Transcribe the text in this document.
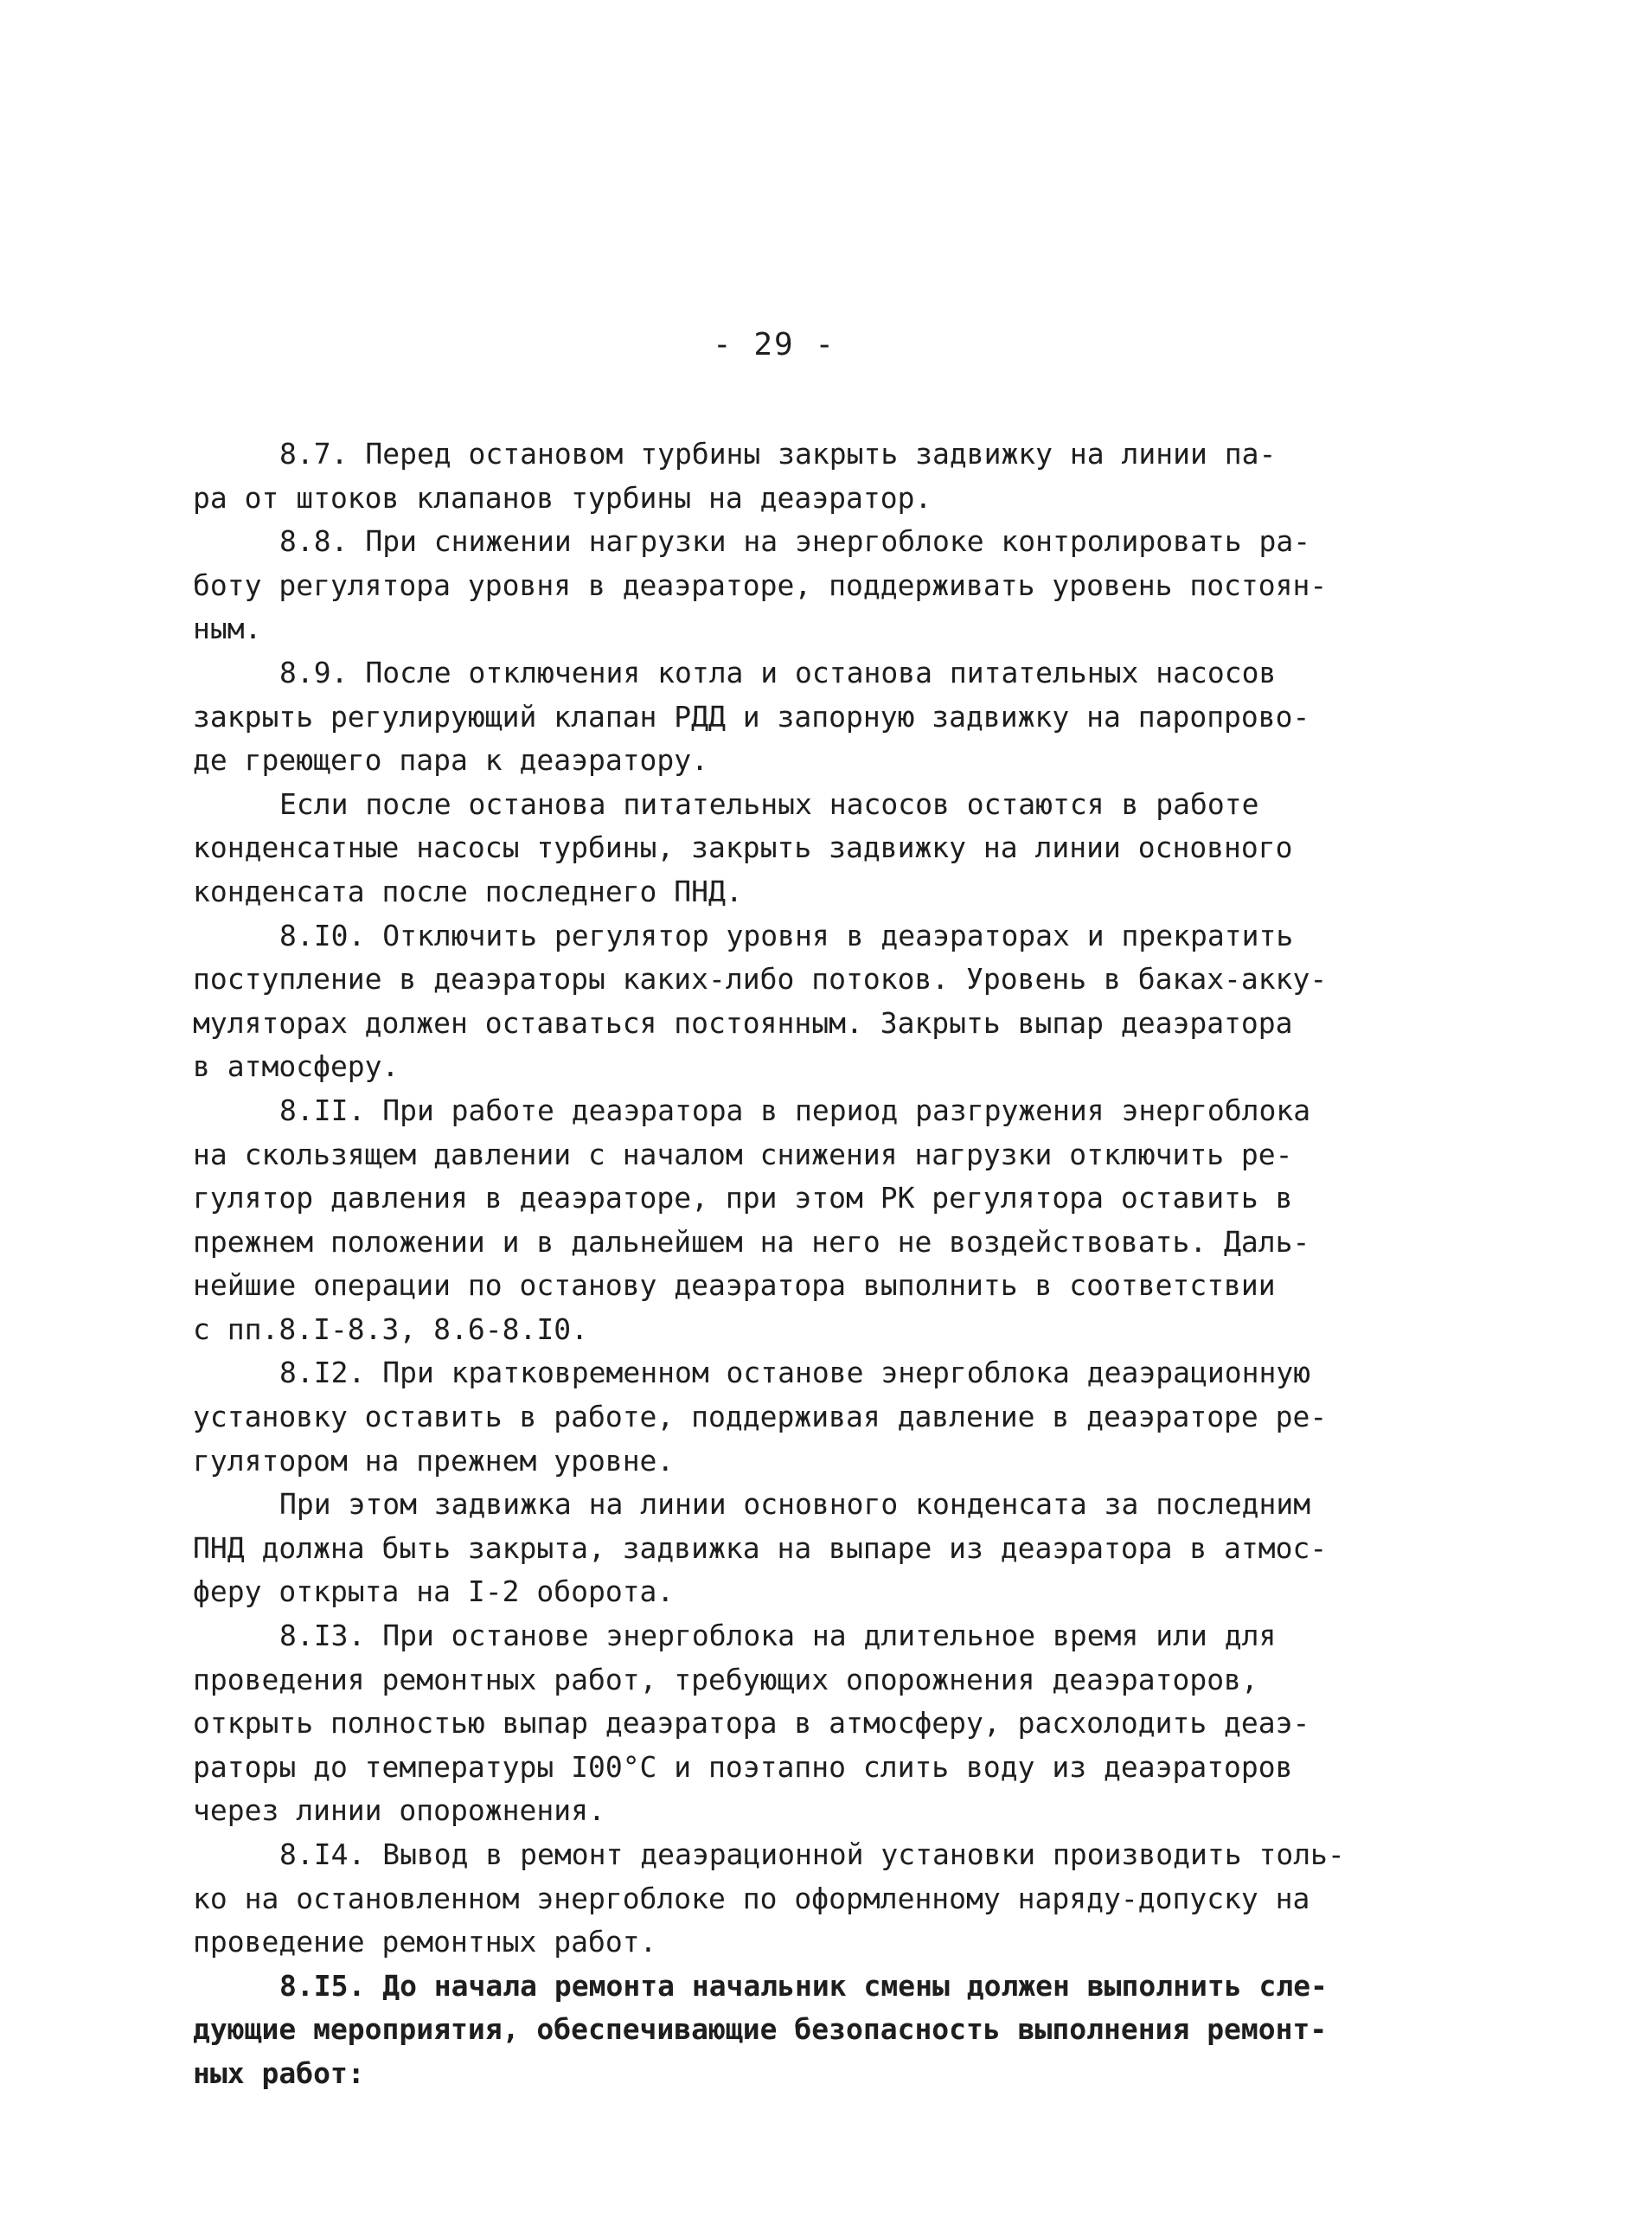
- 29 -

8.7. Перед остановом турбины закрыть задвижку на линии па-
ра от штоков клапанов турбины на деаэратор.

8.8. При снижении нагрузки на энергоблоке контролировать ра-
боту регулятора уровня в деаэраторе, поддерживать уровень постоян-
ным.

8.9. После отключения котла и останова питательных насосов
закрыть регулирующий клапан РДД и запорную задвижку на паропрово-
де греющего пара к деаэратору.

Если после останова питательных насосов остаются в работе
конденсатные насосы турбины, закрыть задвижку на линии основного
конденсата после последнего ПНД.

8.I0. Отключить регулятор уровня в деаэраторах и прекратить
поступление в деаэраторы каких-либо потоков. Уровень в баках-акку-
муляторах должен оставаться постоянным. Закрыть выпар деаэратора
в атмосферу.

8.II. При работе деаэратора в период разгружения энергоблока
на скользящем давлении с началом снижения нагрузки отключить ре-
гулятор давления в деаэраторе, при этом РК регулятора оставить в
прежнем положении и в дальнейшем на него не воздействовать. Даль-
нейшие операции по останову деаэратора выполнить в соответствии
с пп.8.I-8.3, 8.6-8.I0.

8.I2. При кратковременном останове энергоблока деаэрационную
установку оставить в работе, поддерживая давление в деаэраторе ре-
гулятором на прежнем уровне.

При этом задвижка на линии основного конденсата за последним
ПНД должна быть закрыта, задвижка на выпаре из деаэратора в атмос-
феру открыта на I-2 оборота.

8.I3. При останове энергоблока на длительное время или для
проведения ремонтных работ, требующих опорожнения деаэраторов,
открыть полностью выпар деаэратора в атмосферу, расхолодить деаэ-
раторы до температуры I00°С и поэтапно слить воду из деаэраторов
через линии опорожнения.

8.I4. Вывод в ремонт деаэрационной установки производить толь-
ко на остановленном энергоблоке по оформленному наряду-допуску на
проведение ремонтных работ.

8.I5. До начала ремонта начальник смены должен выполнить сле-
дующие мероприятия, обеспечивающие безопасность выполнения ремонт-
ных работ:
